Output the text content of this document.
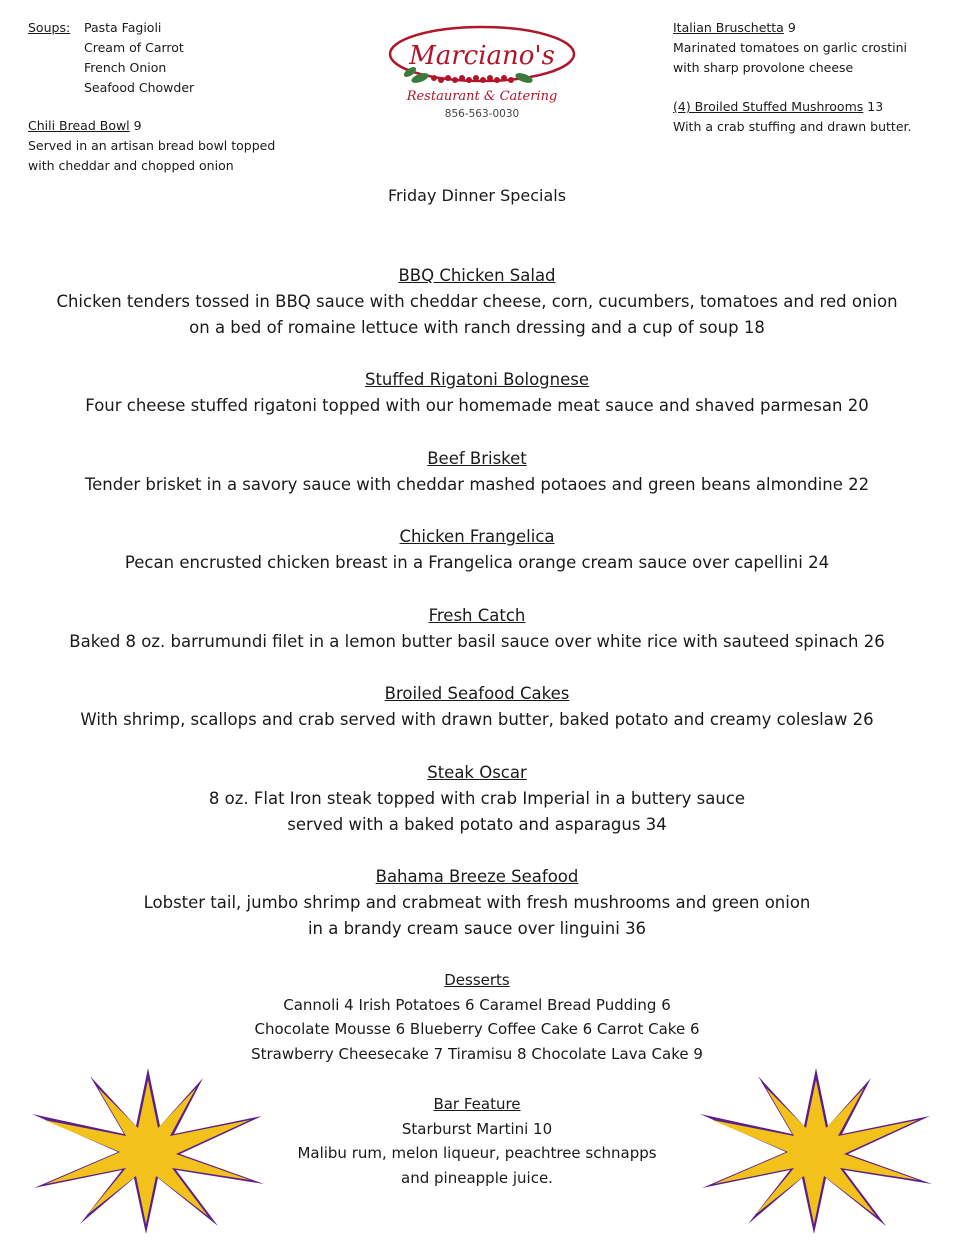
Soups: Pasta Fagioli
Cream of Carrot
French Onion
Seafood Chowder
Chili Bread Bowl 9
Served in an artisan bread bowl topped
with cheddar and chopped onion
Marciano's
Restaurant & Catering
856-563-0030
Italian Bruschetta 9
Marinated tomatoes on garlic crostini
with sharp provolone cheese
(4) Broiled Stuffed Mushrooms 13
With a crab stuffing and drawn butter.
Friday Dinner Specials
BBQ Chicken Salad
Chicken tenders tossed in BBQ sauce with cheddar cheese, corn, cucumbers, tomatoes and red onion
on a bed of romaine lettuce with ranch dressing and a cup of soup 18
Stuffed Rigatoni Bolognese
Four cheese stuffed rigatoni topped with our homemade meat sauce and shaved parmesan 20
Beef Brisket
Tender brisket in a savory sauce with cheddar mashed potaoes and green beans almondine 22
Chicken Frangelica
Pecan encrusted chicken breast in a Frangelica orange cream sauce over capellini 24
Fresh Catch
Baked 8 oz. barrumundi filet in a lemon butter basil sauce over white rice with sauteed spinach 26
Broiled Seafood Cakes
With shrimp, scallops and crab served with drawn butter, baked potato and creamy coleslaw 26
Steak Oscar
8 oz. Flat Iron steak topped with crab Imperial in a buttery sauce
served with a baked potato and asparagus 34
Bahama Breeze Seafood
Lobster tail, jumbo shrimp and crabmeat with fresh mushrooms and green onion
in a brandy cream sauce over linguini 36
Desserts
Cannoli 4 Irish Potatoes 6 Caramel Bread Pudding 6
Chocolate Mousse 6 Blueberry Coffee Cake 6 Carrot Cake 6
Strawberry Cheesecake 7 Tiramisu 8 Chocolate Lava Cake 9
Bar Feature
Starburst Martini 10
Malibu rum, melon liqueur, peachtree schnapps
and pineapple juice.
